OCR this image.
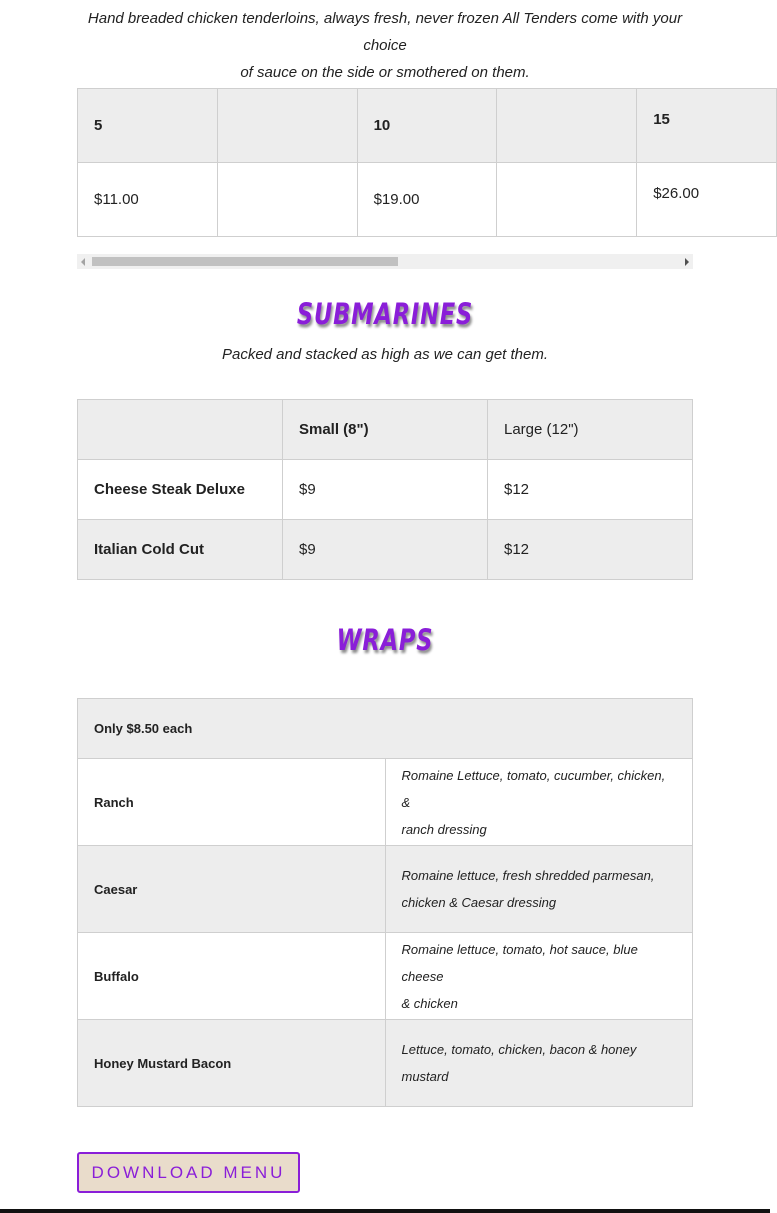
Hand breaded chicken tenderloins, always fresh, never frozen All Tenders come with your choice
of sauce on the side or smothered on them.
5		10		15
$11.00		$19.00		$26.00
SUBMARINES
Packed and stacked as high as we can get them.
	Small (8")	Large (12")
Cheese Steak Deluxe	$9	$12
Italian Cold Cut	$9	$12
WRAPS
Only $8.50 each	
Ranch	Romaine Lettuce, tomato, cucumber, chicken, &
ranch dressing
Caesar	Romaine lettuce, fresh shredded parmesan,
chicken & Caesar dressing
Buffalo	Romaine lettuce, tomato, hot sauce, blue cheese
& chicken
Honey Mustard Bacon	Lettuce, tomato, chicken, bacon & honey
mustard
DOWNLOAD MENU
